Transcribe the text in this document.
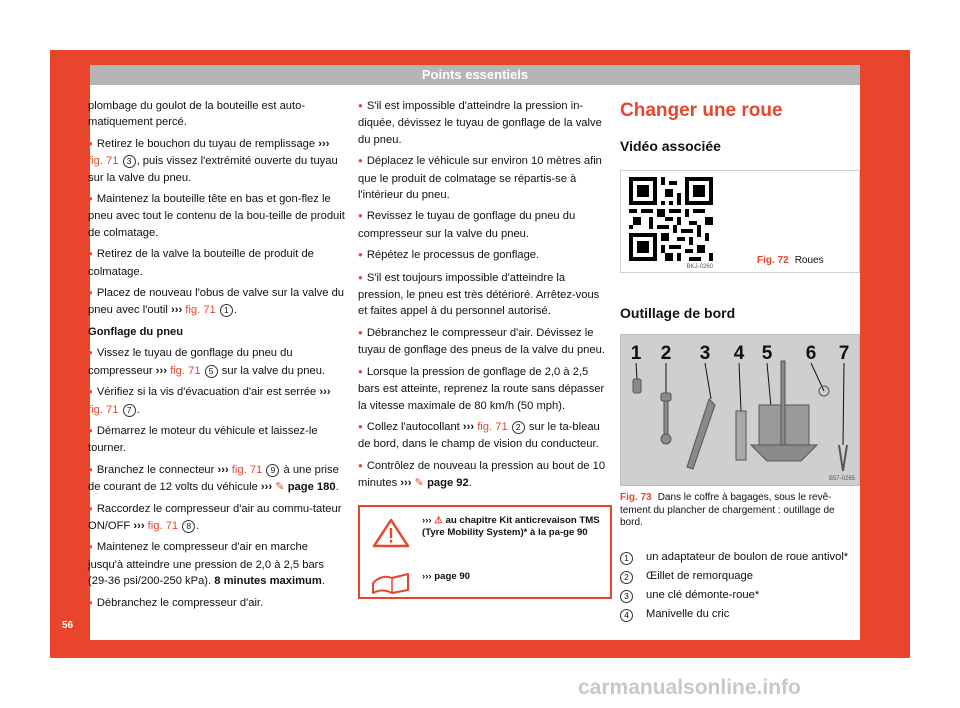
Points essentiels
56

plombage du goulot de la bouteille est auto-matiquement percé.

● Retirez le bouchon du tuyau de remplissage ››› fig. 71 3 , puis vissez l'extrémité ouverte du tuyau sur la valve du pneu.

● Maintenez la bouteille tête en bas et gon-flez le pneu avec tout le contenu de la bou-teille de produit de colmatage.

● Retirez de la valve la bouteille de produit de colmatage.

● Placez de nouveau l'obus de valve sur la valve du pneu avec l'outil ››› fig. 71 1 .

Gonflage du pneu

● Vissez le tuyau de gonflage du pneu du compresseur ››› fig. 71 5 sur la valve du pneu.

● Vérifiez si la vis d'évacuation d'air est serrée ››› fig. 71 7 .

● Démarrez le moteur du véhicule et laissez-le tourner.

● Branchez le connecteur ››› fig. 71 9 à une prise de courant de 12 volts du véhicule ››› ✎ page 180.

● Raccordez le compresseur d'air au commu-tateur ON/OFF ››› fig. 71 8 .

● Maintenez le compresseur d'air en marche jusqu'à atteindre une pression de 2,0 à 2,5 bars (29-36 psi/200-250 kPa). 8 minutes maximum.

● Débranchez le compresseur d'air.

● S'il est impossible d'atteindre la pression in-diquée, dévissez le tuyau de gonflage de la valve du pneu.

● Déplacez le véhicule sur environ 10 mètres afin que le produit de colmatage se répartis-se à l'intérieur du pneu.

● Revissez le tuyau de gonflage du pneu du compresseur sur la valve du pneu.

● Répétez le processus de gonflage.

● S'il est toujours impossible d'atteindre la pression, le pneu est très détérioré. Arrêtez-vous et faites appel à du personnel autorisé.

● Débranchez le compresseur d'air. Dévissez le tuyau de gonflage des pneus de la valve du pneu.

● Lorsque la pression de gonflage de 2,0 à 2,5 bars est atteinte, reprenez la route sans dépasser la vitesse maximale de 80 km/h (50 mph).

● Collez l'autocollant ››› fig. 71 2 sur le ta-bleau de bord, dans le champ de vision du conducteur.

● Contrôlez de nouveau la pression au bout de 10 minutes ››› ✎ page 92.

››› ⚠ au chapitre Kit anticrevaison TMS (Tyre Mobility System)* à la pa-ge 90
››› page 90
Changer une roue
Vidéo associée
BKJ-0260
Fig. 72 Roues
Outillage de bord
1 2 3 4 5 6 7
B57-0265
Fig. 73 Dans le coffre à bagages, sous le revê-tement du plancher de chargement : outillage de bord.
1	un adaptateur de boulon de roue antivol*
2	Œillet de remorquage
3	une clé démonte-roue*
4	Manivelle du cric
carmanualsonline.info
